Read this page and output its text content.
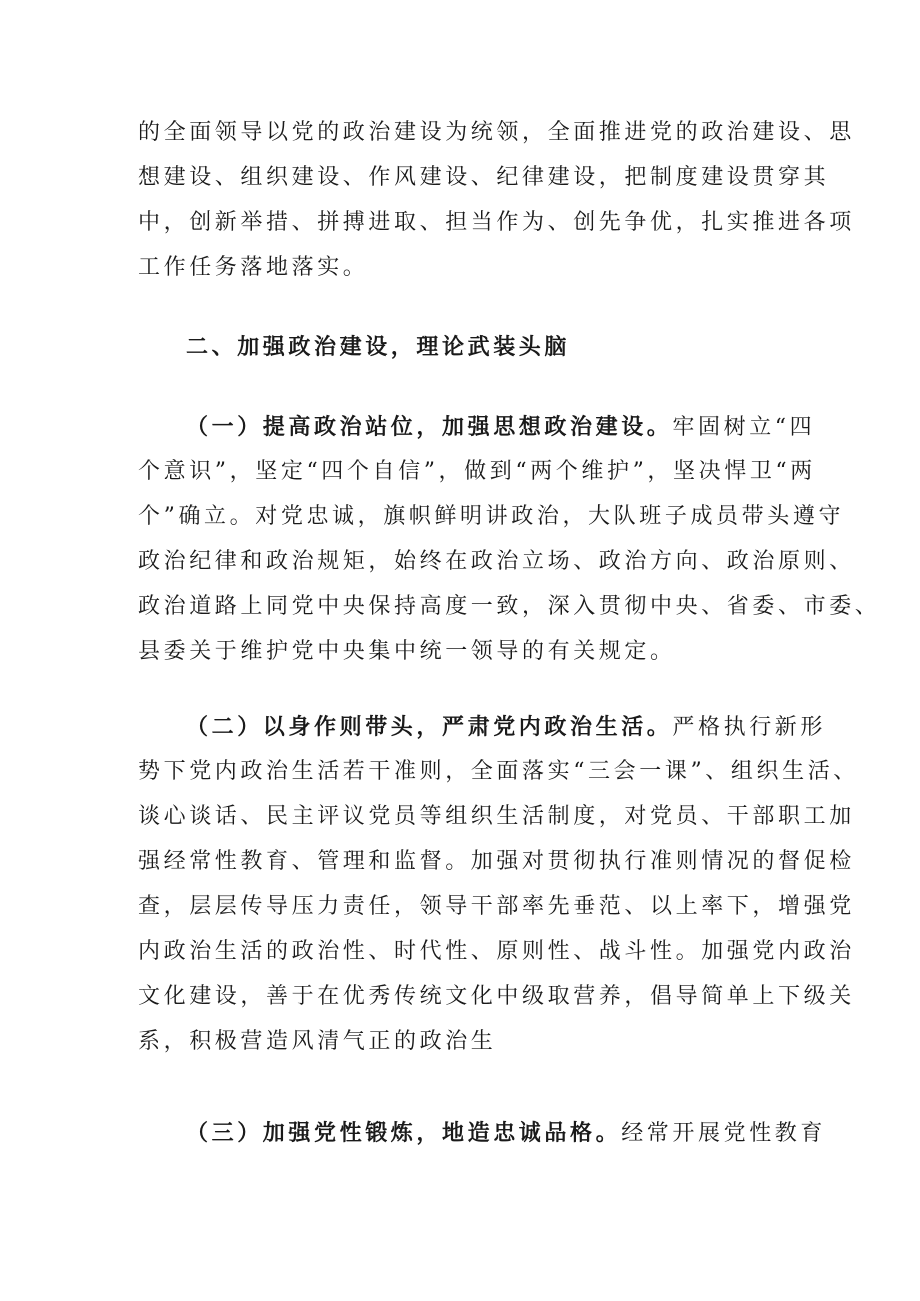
的全面领导以党的政治建设为统领，全面推进党的政治建设、思
想建设、组织建设、作风建设、纪律建设，把制度建设贯穿其
中，创新举措、拼搏进取、担当作为、创先争优，扎实推进各项
工作任务落地落实。
二、加强政治建设，理论武装头脑
（一）提高政治站位，加强思想政治建设。牢固树立“四
个意识”，坚定“四个自信”，做到“两个维护”，坚决悍卫“两
个”确立。对党忠诚，旗帜鲜明讲政治，大队班子成员带头遵守
政治纪律和政治规矩，始终在政治立场、政治方向、政治原则、
政治道路上同党中央保持高度一致，深入贯彻中央、省委、市委、
县委关于维护党中央集中统一领导的有关规定。
（二）以身作则带头，严肃党内政治生活。严格执行新形
势下党内政治生活若干准则，全面落实“三会一课”、组织生活、
谈心谈话、民主评议党员等组织生活制度，对党员、干部职工加
强经常性教育、管理和监督。加强对贯彻执行准则情况的督促检
查，层层传导压力责任，领导干部率先垂范、以上率下，增强党
内政治生活的政治性、时代性、原则性、战斗性。加强党内政治
文化建设，善于在优秀传统文化中级取营养，倡导简单上下级关
系，积极营造风清气正的政治生
（三）加强党性锻炼，地造忠诚品格。经常开展党性教育
